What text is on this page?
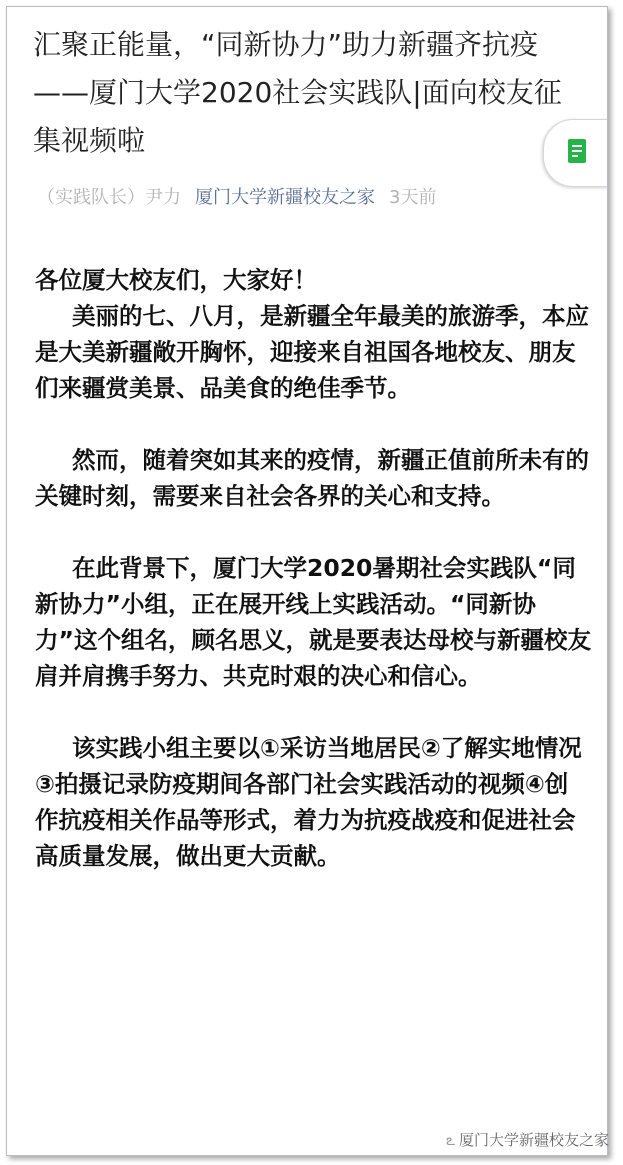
汇聚正能量，“同新协力”助力新疆齐抗疫——厦门大学2020社会实践队|面向校友征集视频啦
（实践队长）尹力 厦门大学新疆校友之家 3天前

各位厦大校友们，大家好！

美丽的七、八月，是新疆全年最美的旅游季，本应是大美新疆敞开胸怀，迎接来自祖国各地校友、朋友们来疆赏美景、品美食的绝佳季节。

然而，随着突如其来的疫情，新疆正值前所未有的关键时刻，需要来自社会各界的关心和支持。

在此背景下，厦门大学2020暑期社会实践队“同新协力”小组，正在展开线上实践活动。“同新协力”这个组名，顾名思义，就是要表达母校与新疆校友肩并肩携手努力、共克时艰的决心和信心。

该实践小组主要以①采访当地居民②了解实地情况③拍摄记录防疫期间各部门社会实践活动的视频④创作抗疫相关作品等形式，着力为抗疫战疫和促进社会高质量发展，做出更大贡献。

ఽ 厦门大学新疆校友之家
